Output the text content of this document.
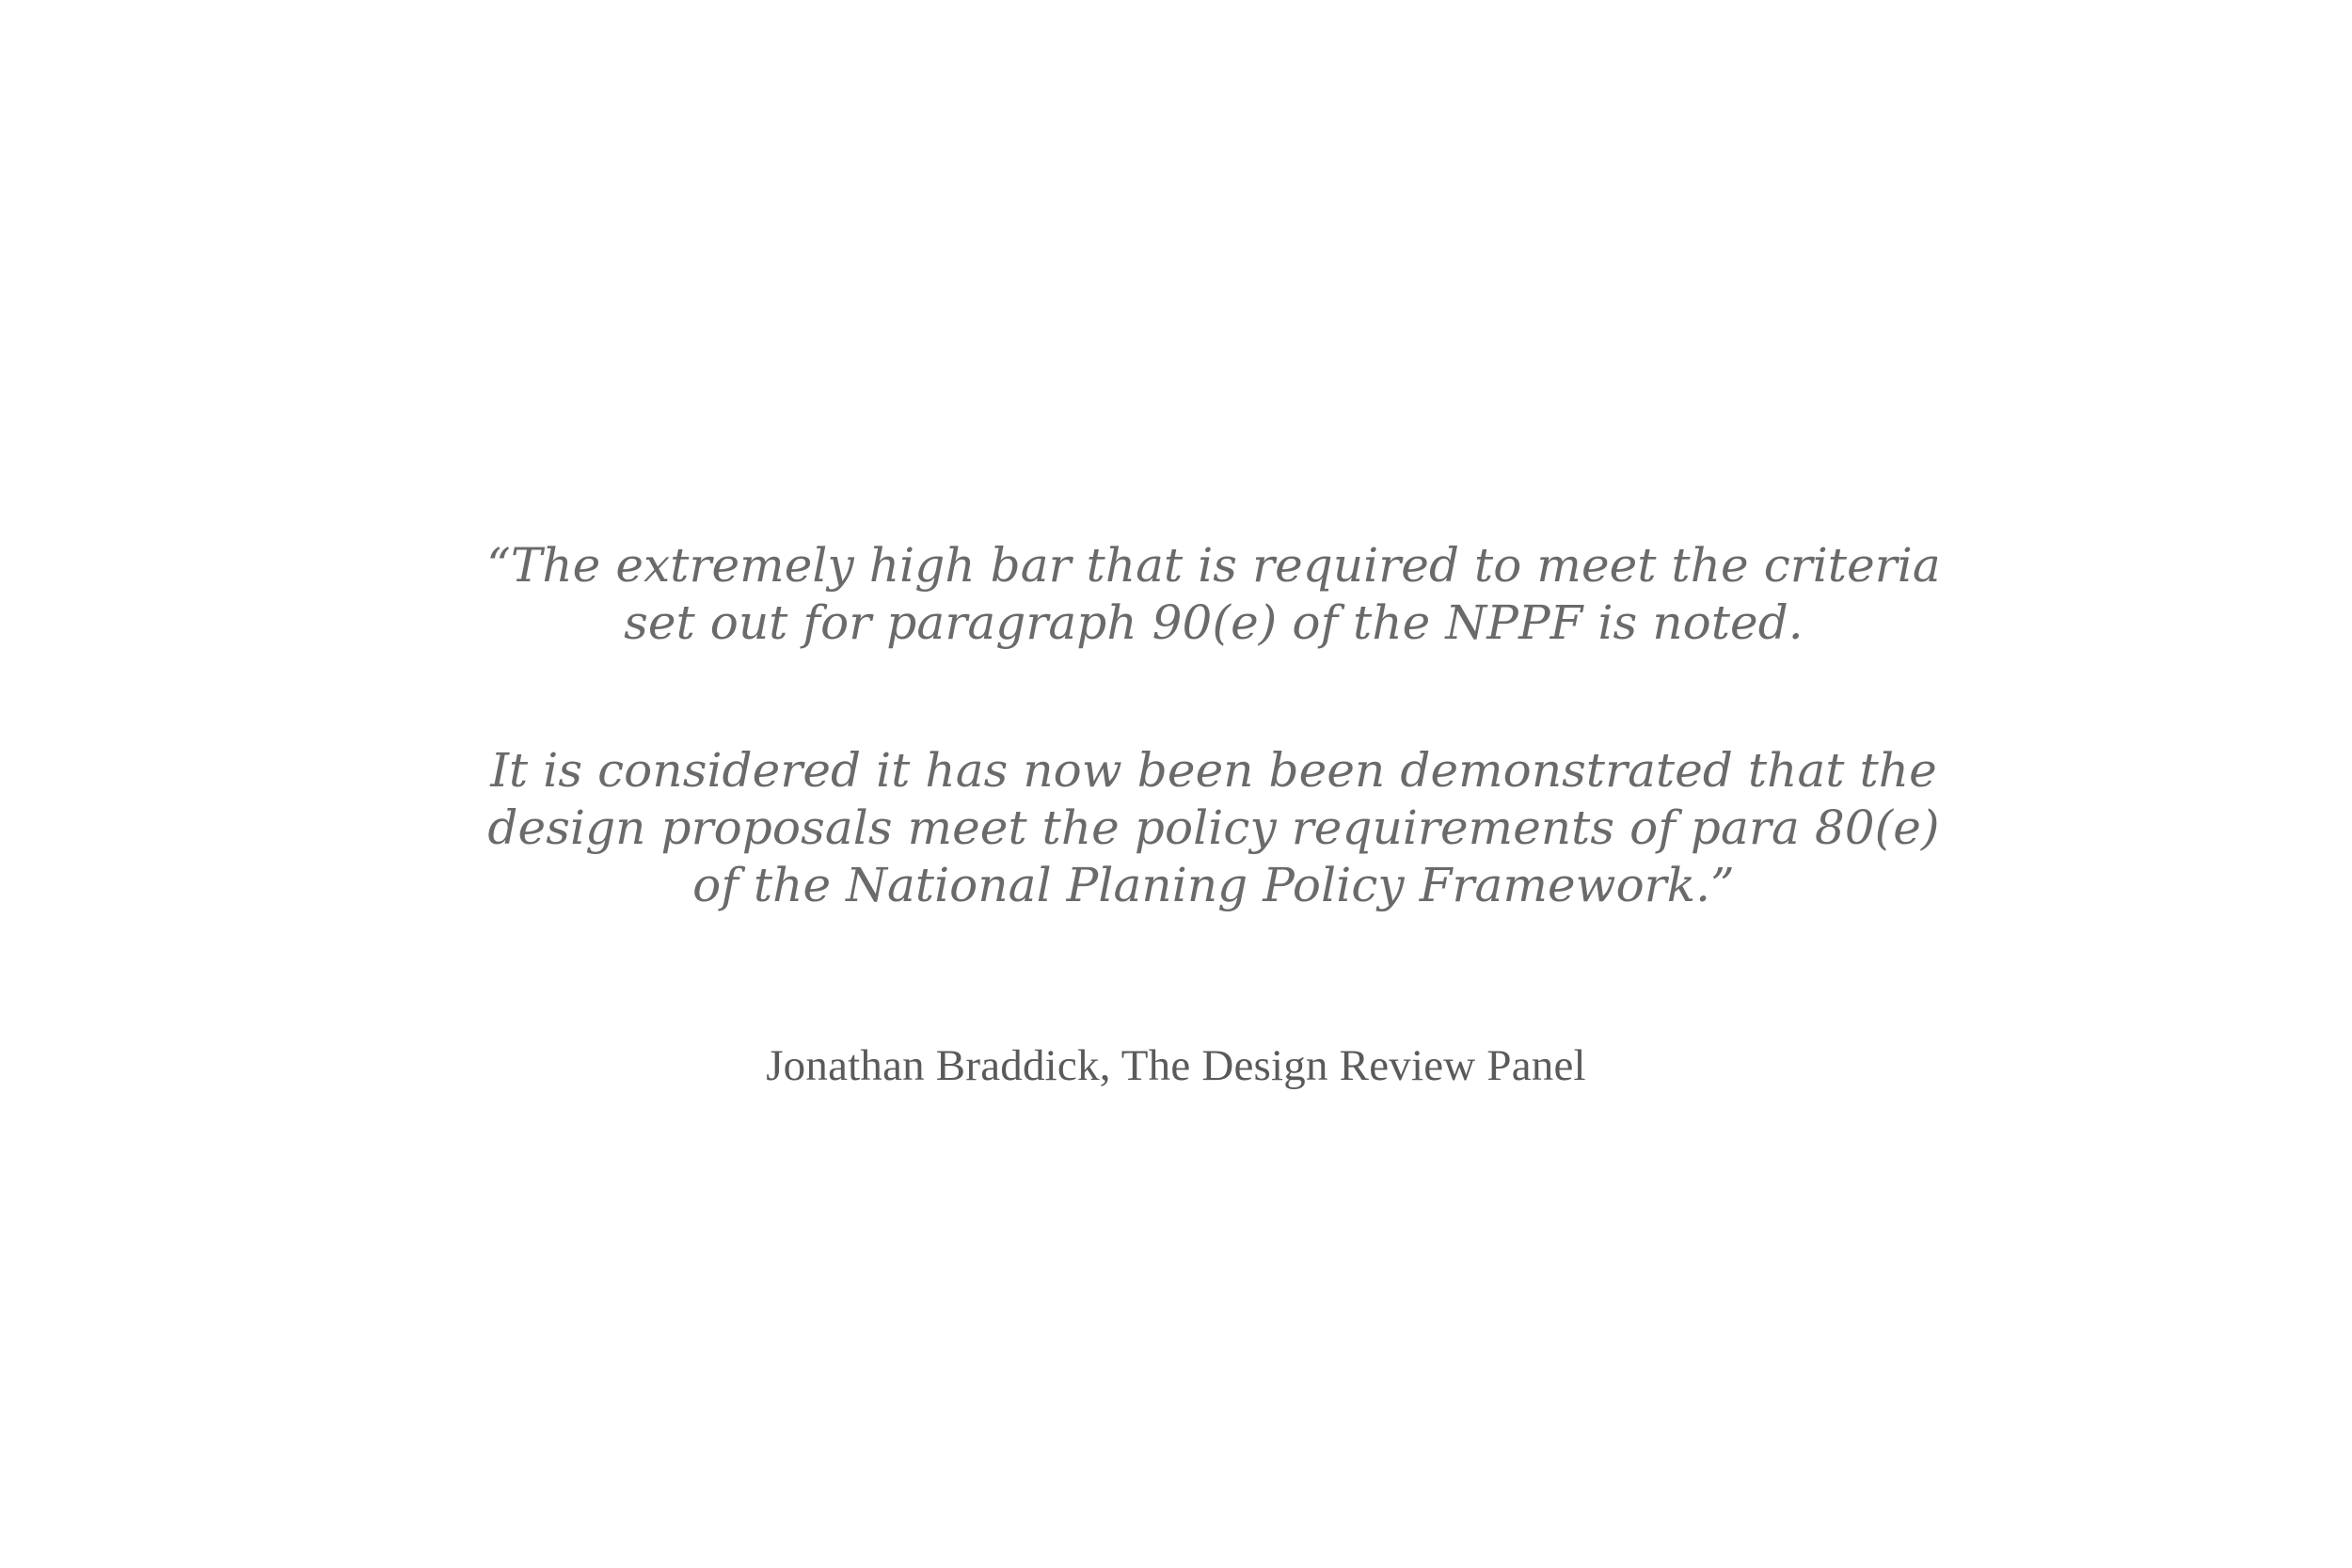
“The extremely high bar that is required to meet the criteria set out for paragraph 90(e) of the NPPF is noted.

It is considered it has now been been demonstrated that the design proposals meet the policy requirements of para 80(e) of the National Planing Policy Framework.”

Jonathan Braddick, The Design Review Panel
